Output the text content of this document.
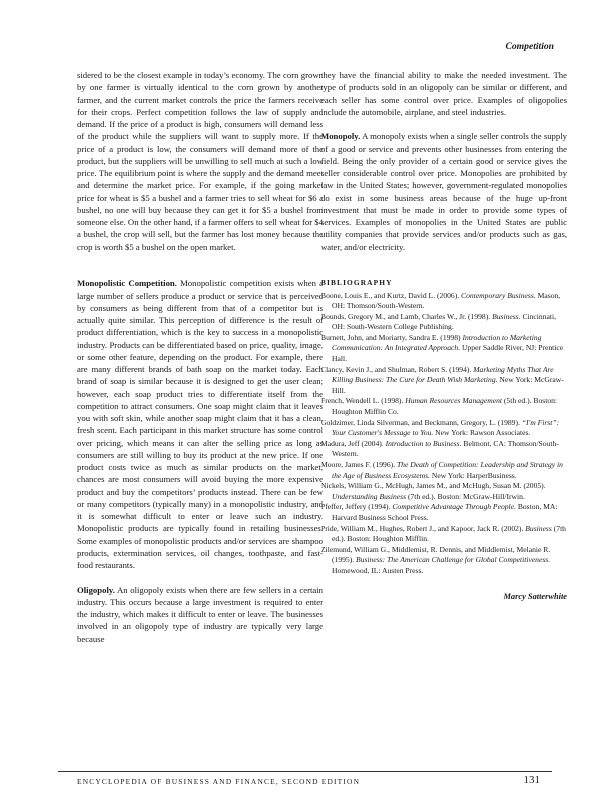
Competition

sidered to be the closest example in today’s economy. The corn grown by one farmer is virtually identical to the corn grown by another farmer, and the current market controls the price the farmers receive for their crops. Perfect competition follows the law of supply and demand. If the price of a product is high, consumers will demand less of the product while the suppliers will want to supply more. If the price of a product is low, the consumers will demand more of the product, but the suppliers will be unwilling to sell much at such a low price. The equilibrium point is where the supply and the demand meet and determine the market price. For example, if the going market price for wheat is $5 a bushel and a farmer tries to sell wheat for $6 a bushel, no one will buy because they can get it for $5 a bushel from someone else. On the other hand, if a farmer offers to sell wheat for $4 a bushel, the crop will sell, but the farmer has lost money because the crop is worth $5 a bushel on the open market.

Monopolistic Competition. Monopolistic competition exists when a large number of sellers produce a product or service that is perceived by consumers as being different from that of a competitor but is actually quite similar. This perception of difference is the result of product differentiation, which is the key to success in a monopolistic industry. Products can be differentiated based on price, quality, image, or some other feature, depending on the product. For example, there are many different brands of bath soap on the market today. Each brand of soap is similar because it is designed to get the user clean; however, each soap product tries to differentiate itself from the competition to attract consumers. One soap might claim that it leaves you with soft skin, while another soap might claim that it has a clean, fresh scent. Each participant in this market structure has some control over pricing, which means it can alter the selling price as long as consumers are still willing to buy its product at the new price. If one product costs twice as much as similar products on the market, chances are most consumers will avoid buying the more expensive product and buy the competitors’ products instead. There can be few or many competitors (typically many) in a monopolistic industry, and it is somewhat difficult to enter or leave such an industry. Monopolistic products are typically found in retailing businesses. Some examples of monopolistic products and/or services are shampoo products, extermination services, oil changes, toothpaste, and fast-food restaurants.

Oligopoly. An oligopoly exists when there are few sellers in a certain industry. This occurs because a large investment is required to enter the industry, which makes it difficult to enter or leave. The businesses involved in an oligopoly type of industry are typically very large because

they have the financial ability to make the needed investment. The type of products sold in an oligopoly can be similar or different, and each seller has some control over price. Examples of oligopolies include the automobile, airplane, and steel industries.

Monopoly. A monopoly exists when a single seller controls the supply of a good or service and prevents other businesses from entering the field. Being the only provider of a certain good or service gives the seller considerable control over price. Monopolies are prohibited by law in the United States; however, government-regulated monopolies do exist in some business areas because of the huge up-front investment that must be made in order to provide some types of services. Examples of monopolies in the United States are public utility companies that provide services and/or products such as gas, water, and/or electricity.

BIBLIOGRAPHY
Boone, Louis E., and Kurtz, David L. (2006). Contemporary Business. Mason, OH: Thomson/South-Western.
Bounds, Gregory M., and Lamb, Charles W., Jr. (1998). Business. Cincinnati, OH: South-Western College Publishing.
Burnett, John, and Moriarty, Sandra E. (1998) Introduction to Marketing Communication: An Integrated Approach. Upper Saddle River, NJ: Prentice Hall.
Clancy, Kevin J., and Shulman, Robert S. (1994). Marketing Myths That Are Killing Business: The Cure for Death Wish Marketing. New York: McGraw-Hill.
French, Wendell L. (1998). Human Resources Management (5th ed.). Boston: Houghton Mifflin Co.
Goldzimer, Linda Silverman, and Beckmann, Gregory, L. (1989). “I'm First”: Your Customer's Message to You. New York: Rawson Associates.
Madura, Jeff (2004). Introduction to Business. Belmont, CA: Thomson/South-Western.
Moore, James F. (1996). The Death of Competition: Leadership and Strategy in the Age of Business Ecosystems. New York: HarperBusiness.
Nickels, William G., McHugh, James M., and McHugh, Susan M. (2005). Understanding Business (7th ed.). Boston: McGraw-Hill/Irwin.
Pfeffer, Jeffery (1994). Competitive Advantage Through People. Boston, MA: Harvard Business School Press.
Pride, William M., Hughes, Robert J., and Kapoor, Jack R. (2002). Business (7th ed.). Boston: Houghton Mifflin.
Zilemund, William G., Middlemist, R. Dennis, and Middlemist, Melanie R. (1995). Business: The American Challenge for Global Competitiveness. Homewood, IL: Austen Press.
Marcy Satterwhite
ENCYCLOPEDIA OF BUSINESS AND FINANCE, SECOND EDITION	131
